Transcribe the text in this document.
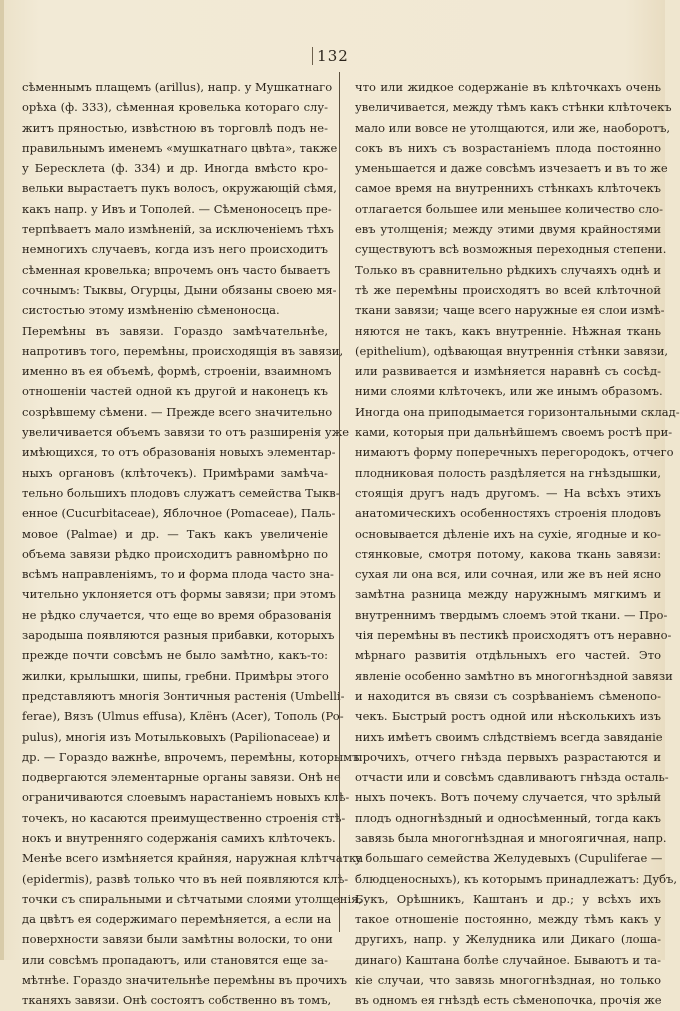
132
сѣменнымъ плащемъ (arillus), напр. у Мушкатнаго
орѣха (ф. 333), сѣменная кровелька котораго слу-
житъ пряностью, извѣстною въ торговлѣ подъ не-
правильнымъ именемъ «мушкатнаго цвѣта», также
у Бересклета (ф. 334) и др. Иногда вмѣсто кро-
вельки вырастаетъ пукъ волосъ, окружающій сѣмя,
какъ напр. у Ивъ и Тополей. — Сѣменоносецъ пре-
терпѣваетъ мало измѣненій, за исключеніемъ тѣхъ
немногихъ случаевъ, когда изъ него происходитъ
сѣменная кровелька; впрочемъ онъ часто бываетъ
сочнымъ: Тыквы, Огурцы, Дыни обязаны своею мя-
систостью этому измѣненію сѣменоносца.
Перемѣны въ завязи. Гораздо замѣчательнѣе,
напротивъ того, перемѣны, происходящія въ завязи,
именно въ ея объемѣ, формѣ, строеніи, взаимномъ
отношеніи частей одной къ другой и наконецъ къ
созрѣвшему сѣмени. — Прежде всего значительно
увеличивается объемъ завязи то отъ разширенія уже
имѣющихся, то отъ образованія новыхъ элементар-
ныхъ органовъ (клѣточекъ). Примѣрами замѣча-
тельно большихъ плодовъ служатъ семейства Тыкв-
енное (Cucurbitaceae), Яблочное (Pomaceae), Паль-
мовое (Palmae) и др. — Такъ какъ увеличеніе
объема завязи рѣдко происходитъ равномѣрно по
всѣмъ направленіямъ, то и форма плода часто зна-
чительно уклоняется отъ формы завязи; при этомъ
не рѣдко случается, что еще во время образованія
зародыша появляются разныя прибавки, которыхъ
прежде почти совсѣмъ не было замѣтно, какъ-то:
жилки, крылышки, шипы, гребни. Примѣры этого
представляютъ многія Зонтичныя растенія (Umbelli-
ferae), Вязъ (Ulmus effusa), Клёнъ (Acer), Тополь (Po-
pulus), многія изъ Мотыльковыхъ (Papilionaceae) и
др. — Гораздо важнѣе, впрочемъ, перемѣны, которымъ
подвергаются элементарные органы завязи. Онѣ не
ограничиваются слоевымъ нарастаніемъ новыхъ клѣ-
точекъ, но касаются преимущественно строенія стѣ-
нокъ и внутренняго содержанія самихъ клѣточекъ.
Менѣе всего измѣняется крайняя, наружная клѣтчатка
(epidermis), развѣ только что въ ней появляются клѣ-
точки съ спиральными и сѣтчатыми слоями утолщенія,
да цвѣтъ ея содержимаго перемѣняется, а если на
поверхности завязи были замѣтны волоски, то они
или совсѣмъ пропадаютъ, или становятся еще за-
мѣтнѣе. Гораздо значительнѣе перемѣны въ прочихъ
тканяхъ завязи. Онѣ состоятъ собственно въ томъ,
что или жидкое содержаніе въ клѣточкахъ очень
увеличивается, между тѣмъ какъ стѣнки клѣточекъ
мало или вовсе не утолщаются, или же, наоборотъ,
сокъ въ нихъ съ возрастаніемъ плода постоянно
уменьшается и даже совсѣмъ изчезаетъ и въ то же
самое время на внутреннихъ стѣнкахъ клѣточекъ
отлагается большее или меньшее количество сло-
евъ утолщенія; между этими двумя крайностями
существуютъ всѣ возможныя переходныя степени.
Только въ сравнительно рѣдкихъ случаяхъ однѣ и
тѣ же перемѣны происходятъ во всей клѣточной
ткани завязи; чаще всего наружные ея слои измѣ-
няются не такъ, какъ внутренніе. Нѣжная ткань
(epithelium), одѣвающая внутреннія стѣнки завязи,
или развивается и измѣняется наравнѣ съ сосѣд-
ними слоями клѣточекъ, или же инымъ образомъ.
Иногда она приподымается горизонтальными склад-
ками, которыя при дальнѣйшемъ своемъ ростѣ при-
нимаютъ форму поперечныхъ перегородокъ, отчего
плодниковая полость раздѣляется на гнѣздышки,
стоящія другъ надъ другомъ. — На всѣхъ этихъ
анатомическихъ особенностяхъ строенія плодовъ
основывается дѣленіе ихъ на сухіе, ягодные и ко-
стянковые, смотря потому, какова ткань завязи:
сухая ли она вся, или сочная, или же въ ней ясно
замѣтна разница между наружнымъ мягкимъ и
внутреннимъ твердымъ слоемъ этой ткани. — Про-
чія перемѣны въ пестикѣ происходятъ отъ неравно-
мѣрнаго развитія отдѣльныхъ его частей. Это
явленіе особенно замѣтно въ многогнѣздной завязи
и находится въ связи съ созрѣваніемъ сѣменопо-
чекъ. Быстрый ростъ одной или нѣсколькихъ изъ
нихъ имѣетъ своимъ слѣдствіемъ всегда завяданіе
прочихъ, отчего гнѣзда первыхъ разрастаются и
отчасти или и совсѣмъ сдавливаютъ гнѣзда осталь-
ныхъ почекъ. Вотъ почему случается, что зрѣлый
плодъ одногнѣздный и односѣменный, тогда какъ
завязь была многогнѣздная и многоягичная, напр.
у большаго семейства Желудевыхъ (Cupuliferae —
блюдценосныхъ), къ которымъ принадлежатъ: Дубъ,
Букъ, Орѣшникъ, Каштанъ и др.; у всѣхъ ихъ
такое отношеніе постоянно, между тѣмъ какъ у
другихъ, напр. у Желудника или Дикаго (лоша-
динаго) Каштана болѣе случайное. Бываютъ и та-
кіе случаи, что завязь многогнѣздная, но только
въ одномъ ея гнѣздѣ есть сѣменопочка, прочія же
